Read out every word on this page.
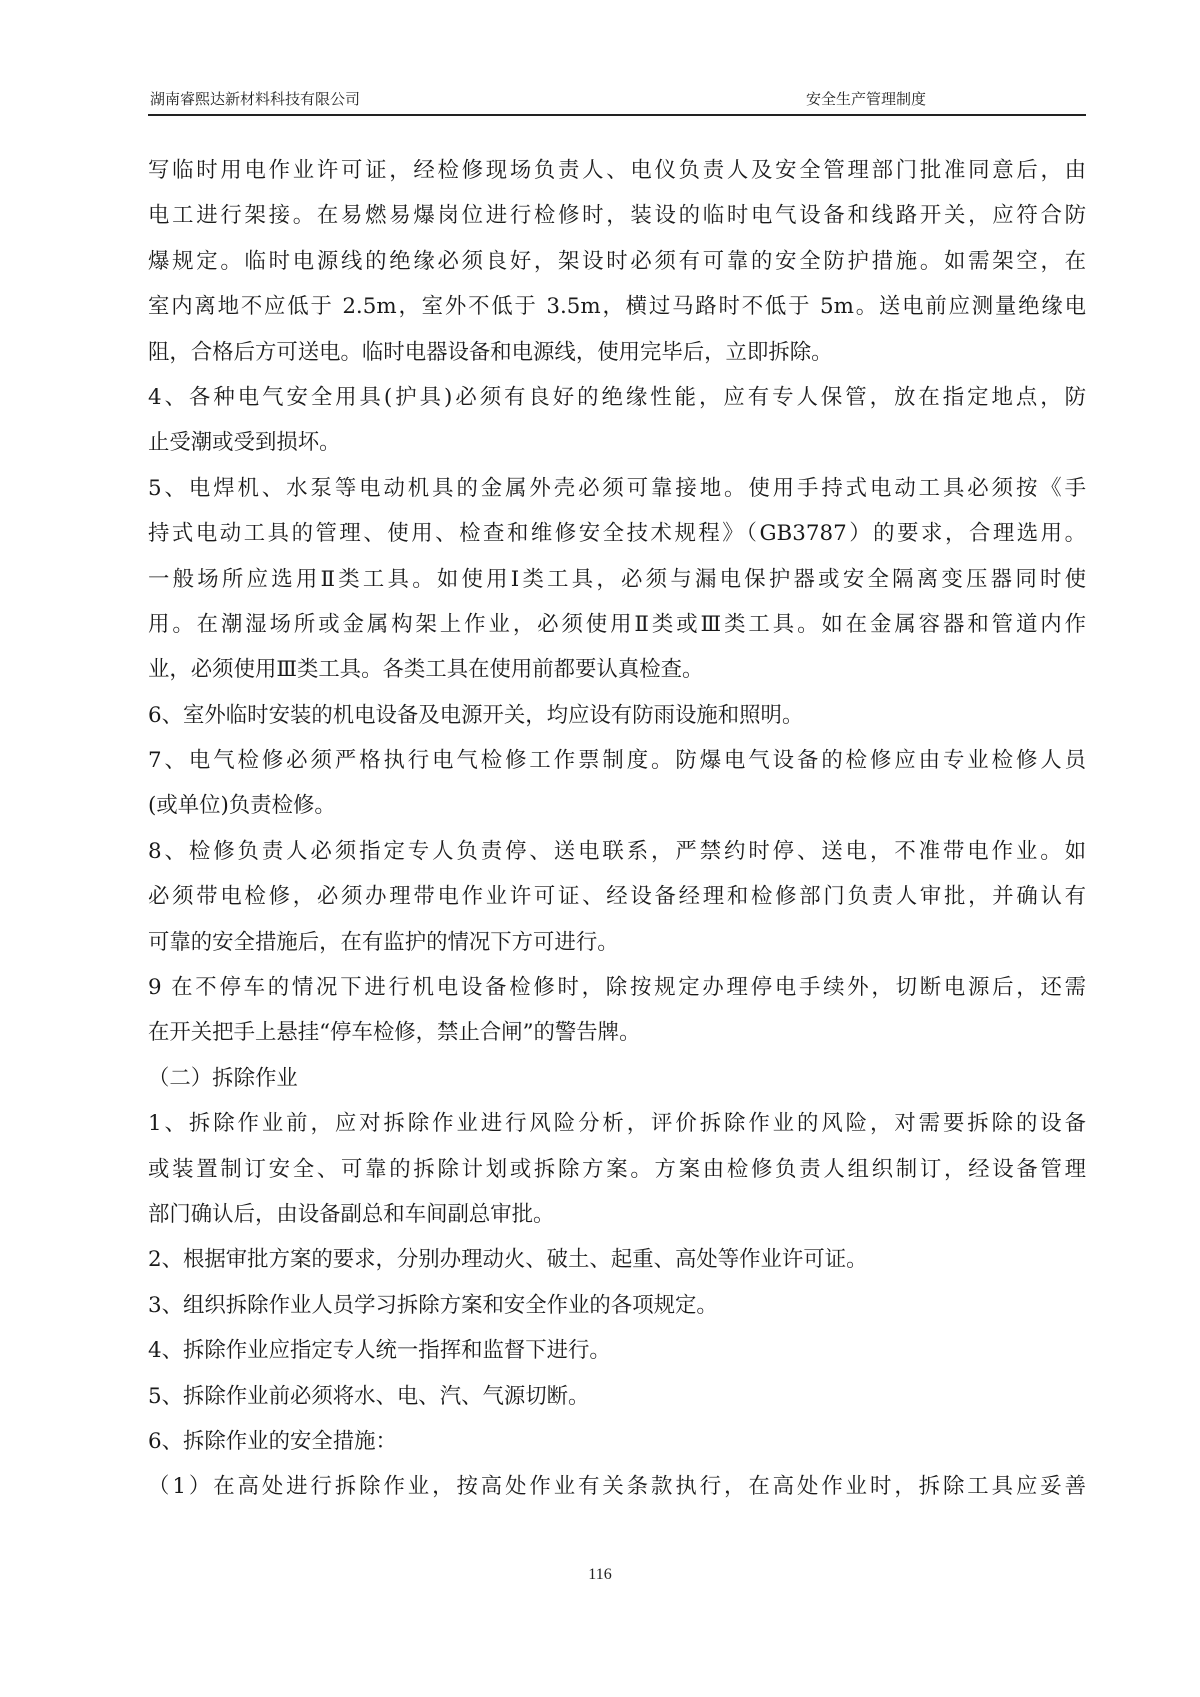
湖南睿熙达新材料科技有限公司	安全生产管理制度
写临时用电作业许可证，经检修现场负责人、电仪负责人及安全管理部门批准同意后，由
电工进行架接。在易燃易爆岗位进行检修时，装设的临时电气设备和线路开关，应符合防
爆规定。临时电源线的绝缘必须良好，架设时必须有可靠的安全防护措施。如需架空，在
室内离地不应低于 2.5m，室外不低于 3.5m，横过马路时不低于 5m。送电前应测量绝缘电
阻，合格后方可送电。临时电器设备和电源线，使用完毕后，立即拆除。
4、各种电气安全用具(护具)必须有良好的绝缘性能，应有专人保管，放在指定地点，防
止受潮或受到损坏。
5、电焊机、水泵等电动机具的金属外壳必须可靠接地。使用手持式电动工具必须按《手
持式电动工具的管理、使用、检查和维修安全技术规程》（GB3787）的要求，合理选用。
一般场所应选用Ⅱ类工具。如使用Ⅰ类工具，必须与漏电保护器或安全隔离变压器同时使
用。在潮湿场所或金属构架上作业，必须使用Ⅱ类或Ⅲ类工具。如在金属容器和管道内作
业，必须使用Ⅲ类工具。各类工具在使用前都要认真检查。
6、室外临时安装的机电设备及电源开关，均应设有防雨设施和照明。
7、电气检修必须严格执行电气检修工作票制度。防爆电气设备的检修应由专业检修人员
(或单位)负责检修。
8、检修负责人必须指定专人负责停、送电联系，严禁约时停、送电，不准带电作业。如
必须带电检修，必须办理带电作业许可证、经设备经理和检修部门负责人审批，并确认有
可靠的安全措施后，在有监护的情况下方可进行。
9 在不停车的情况下进行机电设备检修时，除按规定办理停电手续外，切断电源后，还需
在开关把手上悬挂“停车检修，禁止合闸”的警告牌。
（二）拆除作业
1、拆除作业前，应对拆除作业进行风险分析，评价拆除作业的风险，对需要拆除的设备
或装置制订安全、可靠的拆除计划或拆除方案。方案由检修负责人组织制订，经设备管理
部门确认后，由设备副总和车间副总审批。
2、根据审批方案的要求，分别办理动火、破土、起重、高处等作业许可证。
3、组织拆除作业人员学习拆除方案和安全作业的各项规定。
4、拆除作业应指定专人统一指挥和监督下进行。
5、拆除作业前必须将水、电、汽、气源切断。
6、拆除作业的安全措施：
（1）在高处进行拆除作业，按高处作业有关条款执行，在高处作业时，拆除工具应妥善
116
